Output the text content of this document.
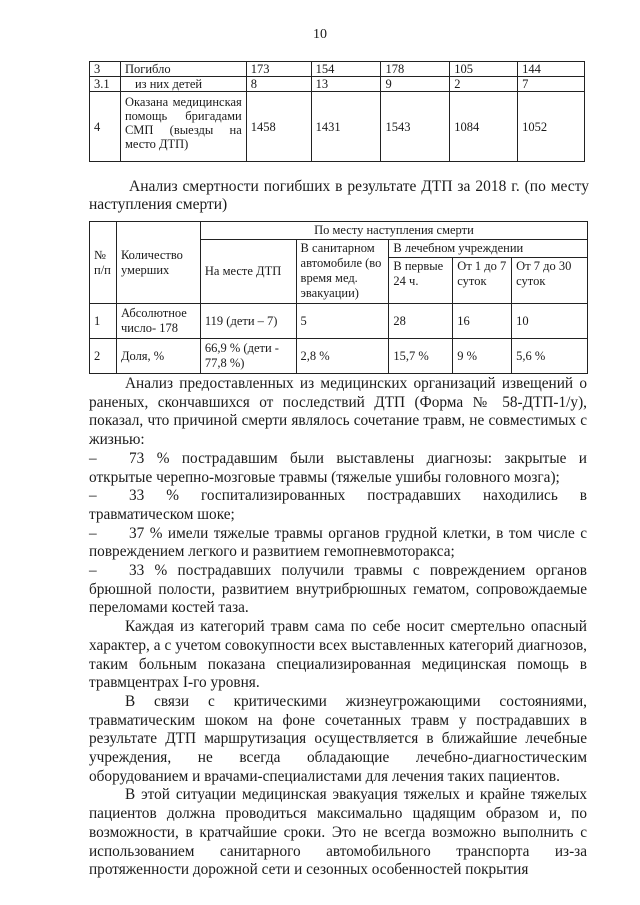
10
3	Погибло	173	154	178	105	144
3.1	из них детей	8	13	9	2	7
4	Оказана медицинская помощь бригадами СМП (выезды на место ДТП)	1458	1431	1543	1084	1052
Анализ смертности погибших в результате ДТП за 2018 г. (по месту наступления смерти)
№ п/п	Количество умерших	По месту наступления смерти				
		На месте ДТП	В санитарном автомобиле (во время мед. эвакуации)	В лечебном учреждении		
				В первые 24 ч.	От 1 до 7 суток	От 7 до 30 суток
1	Абсолютное число- 178	119 (дети – 7)	5	28	16	10
2	Доля, %	66,9 % (дети - 77,8 %)	2,8 %	15,7 %	9 %	5,6 %

Анализ предоставленных из медицинских организаций извещений о раненых, скончавшихся от последствий ДТП (Форма № 58-ДТП-1/у), показал, что причиной смерти являлось сочетание травм, не совместимых с жизнью:

– 73 % пострадавшим были выставлены диагнозы: закрытые и открытые черепно-мозговые травмы (тяжелые ушибы головного мозга);

– 33 % госпитализированных пострадавших находились в травматическом шоке;

– 37 % имели тяжелые травмы органов грудной клетки, в том числе с повреждением легкого и развитием гемопневмоторакса;

– 33 % пострадавших получили травмы с повреждением органов брюшной полости, развитием внутрибрюшных гематом, сопровождаемые переломами костей таза.

Каждая из категорий травм сама по себе носит смертельно опасный характер, а с учетом совокупности всех выставленных категорий диагнозов, таким больным показана специализированная медицинская помощь в травмцентрах I-го уровня.

В связи с критическими жизнеугрожающими состояниями, травматическим шоком на фоне сочетанных травм у пострадавших в результате ДТП маршрутизация осуществляется в ближайшие лечебные учреждения, не всегда обладающие лечебно-диагностическим оборудованием и врачами-специалистами для лечения таких пациентов.

В этой ситуации медицинская эвакуация тяжелых и крайне тяжелых пациентов должна проводиться максимально щадящим образом и, по возможности, в кратчайшие сроки. Это не всегда возможно выполнить с использованием санитарного автомобильного транспорта из-за протяженности дорожной сети и сезонных особенностей покрытия
